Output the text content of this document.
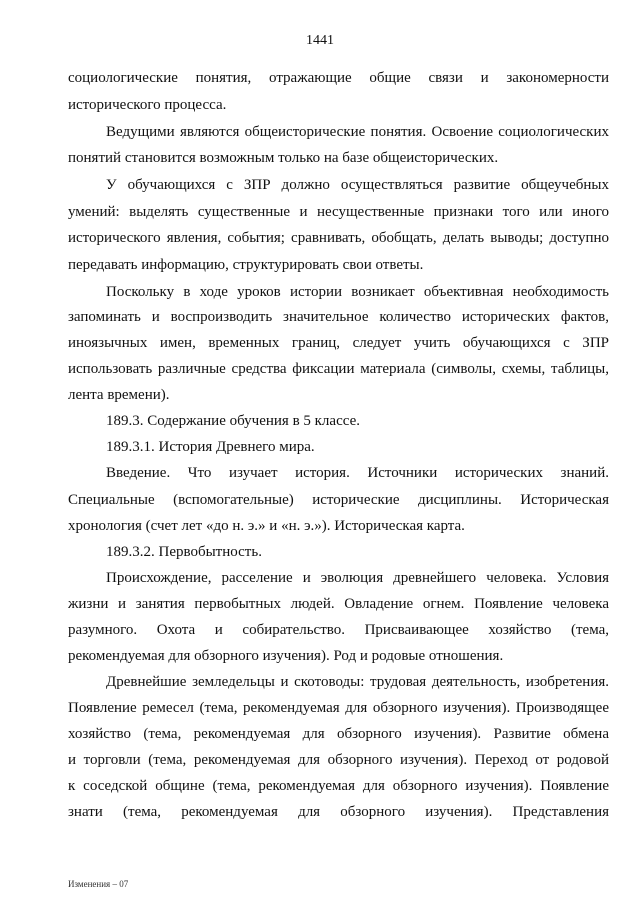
1441
социологические понятия, отражающие общие связи и закономерности
исторического процесса.
Ведущими являются общеисторические понятия. Освоение социологических
понятий становится возможным только на базе общеисторических.
У обучающихся с ЗПР должно осуществляться развитие общеучебных
умений: выделять существенные и несущественные признаки того или иного
исторического явления, события; сравнивать, обобщать, делать выводы; доступно
передавать информацию, структурировать свои ответы.
Поскольку в ходе уроков истории возникает объективная необходимость
запоминать и воспроизводить значительное количество исторических фактов,
иноязычных имен, временных границ, следует учить обучающихся с ЗПР
использовать различные средства фиксации материала (символы, схемы, таблицы,
лента времени).
189.3. Содержание обучения в 5 классе.
189.3.1. История Древнего мира.
Введение. Что изучает история. Источники исторических знаний.
Специальные (вспомогательные) исторические дисциплины. Историческая
хронология (счет лет «до н. э.» и «н. э.»). Историческая карта.
189.3.2. Первобытность.
Происхождение, расселение и эволюция древнейшего человека. Условия
жизни и занятия первобытных людей. Овладение огнем. Появление человека
разумного. Охота и собирательство. Присваивающее хозяйство (тема,
рекомендуемая для обзорного изучения). Род и родовые отношения.
Древнейшие земледельцы и скотоводы: трудовая деятельность, изобретения.
Появление ремесел (тема, рекомендуемая для обзорного изучения). Производящее
хозяйство (тема, рекомендуемая для обзорного изучения). Развитие обмена
и торговли (тема, рекомендуемая для обзорного изучения). Переход от родовой
к соседской общине (тема, рекомендуемая для обзорного изучения). Появление
знати (тема, рекомендуемая для обзорного изучения). Представления
Изменения – 07
